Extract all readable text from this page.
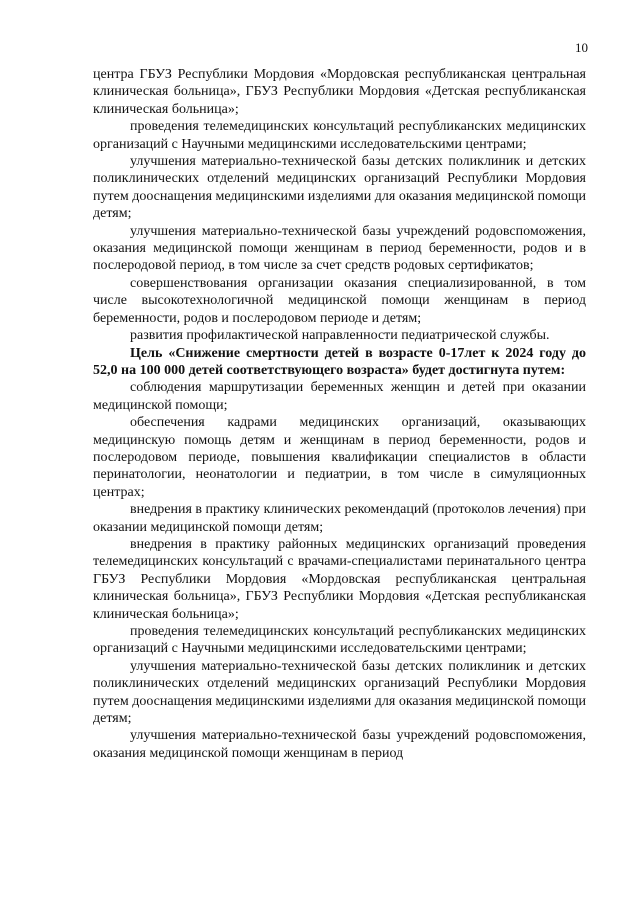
10

центра ГБУЗ Республики Мордовия «Мордовская республиканская центральная клиническая больница», ГБУЗ Республики Мордовия «Детская республиканская клиническая больница»;

проведения телемедицинских консультаций республиканских медицинских организаций с Научными медицинскими исследовательскими центрами;

улучшения материально-технической базы детских поликлиник и детских поликлинических отделений медицинских организаций Республики Мордовия путем дооснащения медицинскими изделиями для оказания медицинской помощи детям;

улучшения материально-технической базы учреждений родовспоможения, оказания медицинской помощи женщинам в период беременности, родов и в послеродовой период, в том числе за счет средств родовых сертификатов;

совершенствования организации оказания специализированной, в том числе высокотехнологичной медицинской помощи женщинам в период беременности, родов и послеродовом периоде и детям;

развития профилактической направленности педиатрической службы.

Цель «Снижение смертности детей в возрасте 0-17лет к 2024 году до 52,0 на 100 000 детей соответствующего возраста» будет достигнута путем:

соблюдения маршрутизации беременных женщин и детей при оказании медицинской помощи;

обеспечения кадрами медицинских организаций, оказывающих медицинскую помощь детям и женщинам в период беременности, родов и послеродовом периоде, повышения квалификации специалистов в области перинатологии, неонатологии и педиатрии, в том числе в симуляционных центрах;

внедрения в практику клинических рекомендаций (протоколов лечения) при оказании медицинской помощи детям;

внедрения в практику районных медицинских организаций проведения телемедицинских консультаций с врачами-специалистами перинатального центра ГБУЗ Республики Мордовия «Мордовская республиканская центральная клиническая больница», ГБУЗ Республики Мордовия «Детская республиканская клиническая больница»;

проведения телемедицинских консультаций республиканских медицинских организаций с Научными медицинскими исследовательскими центрами;

улучшения материально-технической базы детских поликлиник и детских поликлинических отделений медицинских организаций Республики Мордовия путем дооснащения медицинскими изделиями для оказания медицинской помощи детям;

улучшения материально-технической базы учреждений родовспоможения, оказания медицинской помощи женщинам в период
